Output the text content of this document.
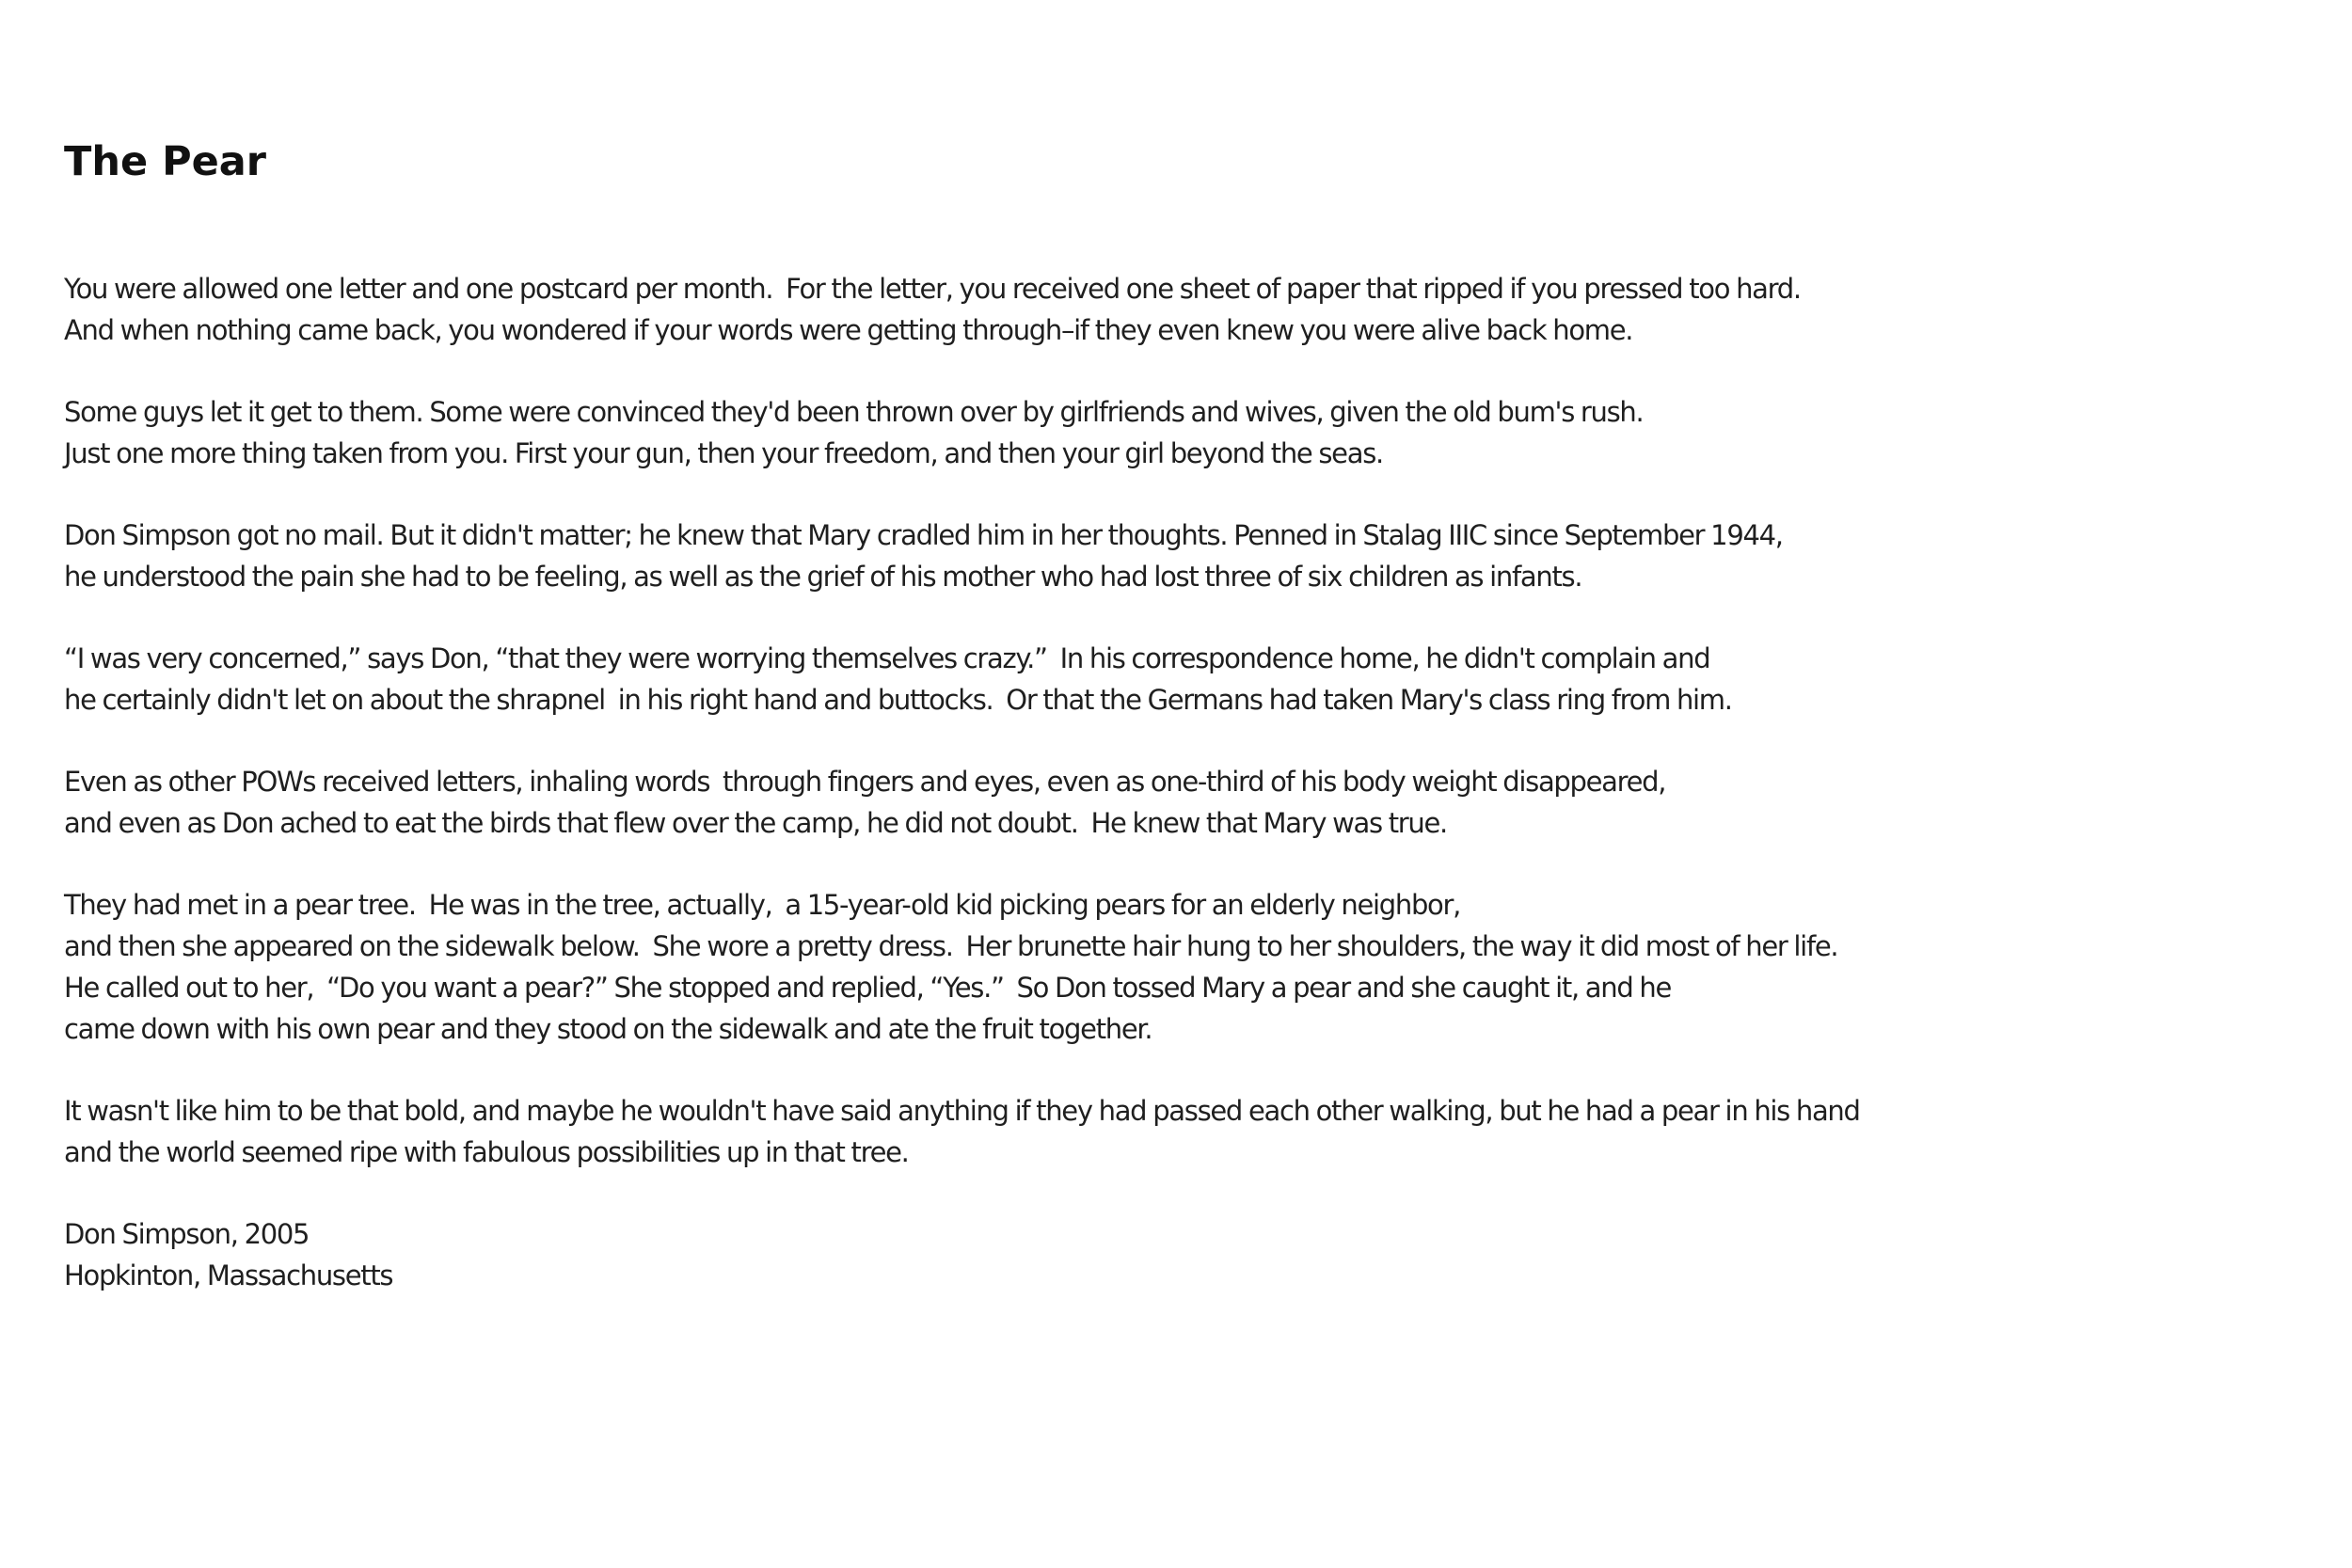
The Pear

You were allowed one letter and one postcard per month.  For the letter, you received one sheet of paper that ripped if you pressed too hard.
And when nothing came back, you wondered if your words were getting through–if they even knew you were alive back home.

Some guys let it get to them. Some were convinced they'd been thrown over by girlfriends and wives, given the old bum's rush.
Just one more thing taken from you. First your gun, then your freedom, and then your girl beyond the seas.

Don Simpson got no mail. But it didn't matter; he knew that Mary cradled him in her thoughts. Penned in Stalag IIIC since September 1944,
he understood the pain she had to be feeling, as well as the grief of his mother who had lost three of six children as infants.

“I was very concerned,” says Don, “that they were worrying themselves crazy.”  In his correspondence home, he didn't complain and
he certainly didn't let on about the shrapnel  in his right hand and buttocks.  Or that the Germans had taken Mary's class ring from him.

Even as other POWs received letters, inhaling words  through fingers and eyes, even as one-third of his body weight disappeared,
and even as Don ached to eat the birds that flew over the camp, he did not doubt.  He knew that Mary was true.

They had met in a pear tree.  He was in the tree, actually,  a 15-year-old kid picking pears for an elderly neighbor,
and then she appeared on the sidewalk below.  She wore a pretty dress.  Her brunette hair hung to her shoulders, the way it did most of her life.
He called out to her,  “Do you want a pear?” She stopped and replied, “Yes.”  So Don tossed Mary a pear and she caught it, and he
came down with his own pear and they stood on the sidewalk and ate the fruit together.

It wasn't like him to be that bold, and maybe he wouldn't have said anything if they had passed each other walking, but he had a pear in his hand
and the world seemed ripe with fabulous possibilities up in that tree.

Don Simpson, 2005
Hopkinton, Massachusetts
